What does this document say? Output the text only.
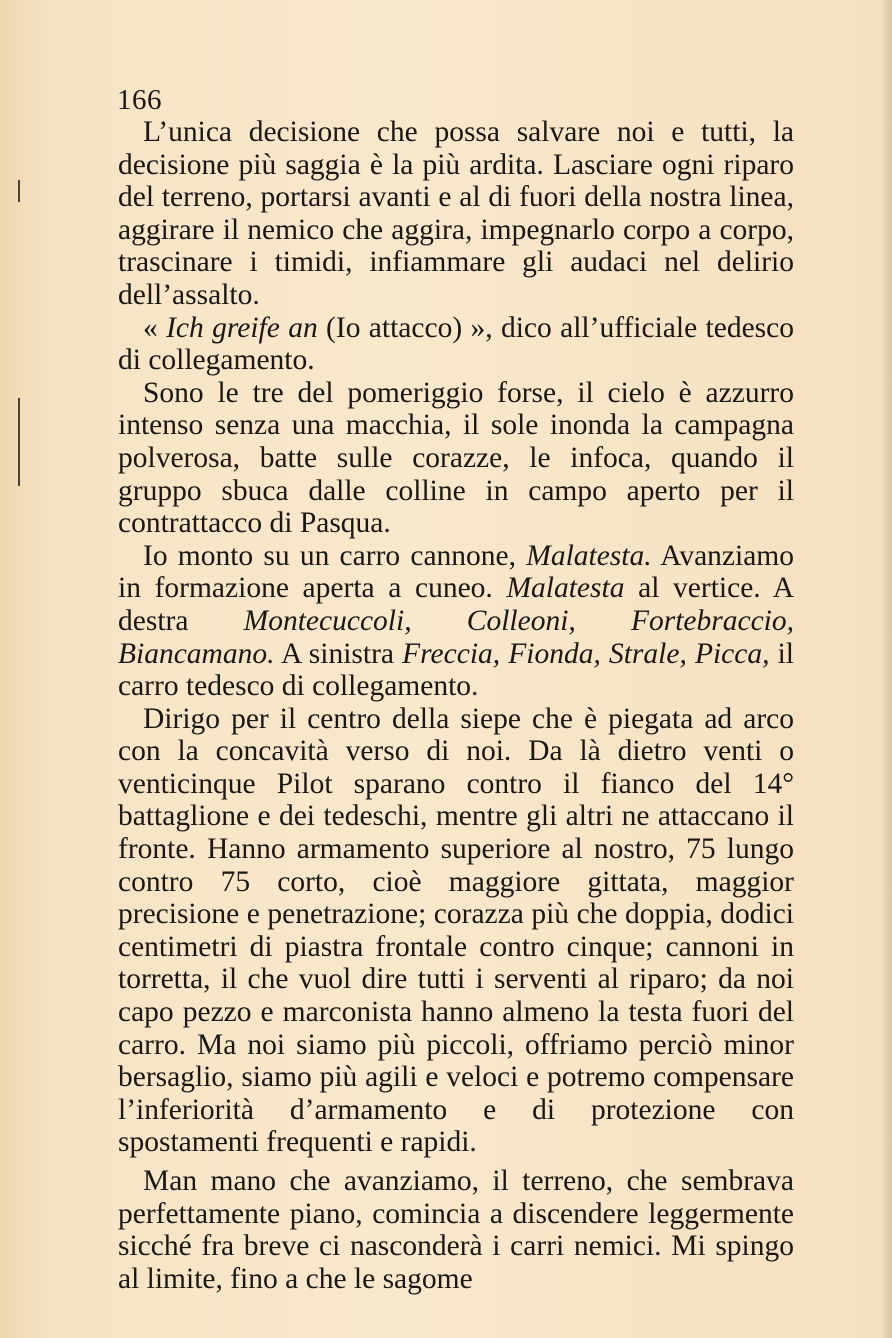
166

L’unica decisione che possa salvare noi e tutti, la decisione più saggia è la più ardita. Lasciare ogni riparo del terreno, portarsi avanti e al di fuori della nostra linea, aggirare il nemico che aggira, impegnarlo corpo a corpo, trascinare i timidi, infiammare gli audaci nel delirio dell’assalto.

« Ich greife an (Io attacco) », dico all’ufficiale tedesco di collegamento.

Sono le tre del pomeriggio forse, il cielo è azzurro intenso senza una macchia, il sole inonda la campagna polverosa, batte sulle corazze, le infoca, quando il gruppo sbuca dalle colline in campo aperto per il contrattacco di Pasqua.

Io monto su un carro cannone, Malatesta. Avanziamo in formazione aperta a cuneo. Malatesta al vertice. A destra Montecuccoli, Colleoni, Fortebraccio, Biancamano. A sinistra Freccia, Fionda, Strale, Picca, il carro tedesco di collegamento.

Dirigo per il centro della siepe che è piegata ad arco con la concavità verso di noi. Da là dietro venti o venticinque Pilot sparano contro il fianco del 14° battaglione e dei tedeschi, mentre gli altri ne attaccano il fronte. Hanno armamento superiore al nostro, 75 lungo contro 75 corto, cioè maggiore gittata, maggior precisione e penetrazione; corazza più che doppia, dodici centimetri di piastra frontale contro cinque; cannoni in torretta, il che vuol dire tutti i serventi al riparo; da noi capo pezzo e marconista hanno almeno la testa fuori del carro. Ma noi siamo più piccoli, offriamo perciò minor bersaglio, siamo più agili e veloci e potremo compensare l’inferiorità d’armamento e di protezione con spostamenti frequenti e rapidi.

Man mano che avanziamo, il terreno, che sembrava perfettamente piano, comincia a discendere leggermente sicché fra breve ci nasconderà i carri nemici. Mi spingo al limite, fino a che le sagome
